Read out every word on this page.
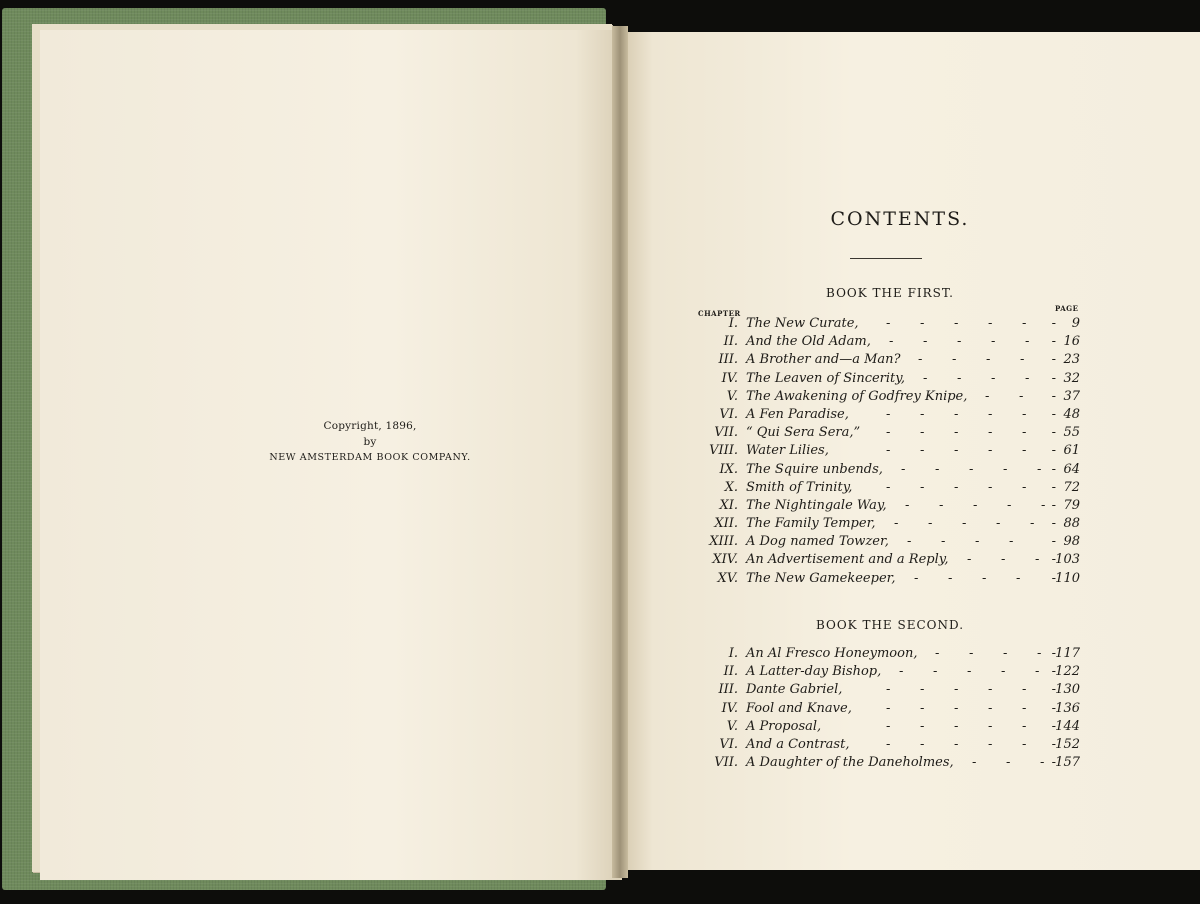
Copyright, 1896,
by
NEW AMSTERDAM BOOK COMPANY.
CONTENTS.
BOOK THE FIRST.
CHAPTER
PAGE
I. The New Curate,	9
-
- - - - -
II. And the Old Adam,	16
-
- - - - -
III. A Brother and—a Man?	23
-
- - - -
IV. The Leaven of Sincerity,	32
-
- - - -
V. The Awakening of Godfrey Knipe,	37
-
- -
VI. A Fen Paradise,	48
-
- - - - -
VII. “ Qui Sera Sera,”	55
-
- - - - -
VIII. Water Lilies,	61
-
- - - - -
IX. The Squire unbends,	64
-
- - - - -
X. Smith of Trinity,	72
-
- - - - -
XI. The Nightingale Way,	79
-
- - - - -
XII. The Family Temper,	88
-
- - - - -
XIII. A Dog named Towzer,	98
-
- - - -
XIV. An Advertisement and a Reply,	103
-
- - -
XV. The New Gamekeeper,	110
-
- - - -
BOOK THE SECOND.
I. An Al Fresco Honeymoon,	117
-
- - - -
II. A Latter-day Bishop,	122
-
- - - - -
III. Dante Gabriel,	130
-
- - - - -
IV. Fool and Knave,	136
-
- - - - -
V. A Proposal,	144
-
- - - - -
VI. And a Contrast,	152
-
- - - - -
VII. A Daughter of the Daneholmes,	157
-
- - -
